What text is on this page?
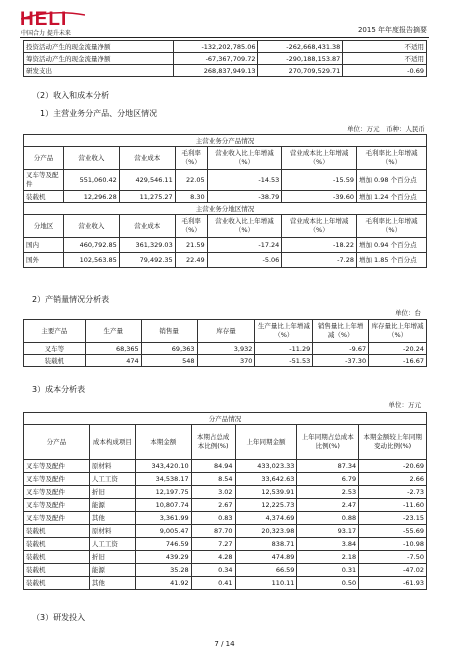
HELI
中国合力 提升未来	2015 年年度报告摘要
投资活动产生的现金流量净额	-132,202,785.06	-262,668,431.38	不适用
筹资活动产生的现金流量净额	-67,367,709.72	-290,188,153.87	不适用
研发支出	268,837,949.13	270,709,529.71	-0.69
（2）收入和成本分析
1）主营业务分产品、分地区情况
单位：万元　币种：人民币
主营业务分产品情况						
分产品	营业收入	营业成本	毛利率（%）	营业收入比上年增减（%）	营业成本比上年增减（%）	毛利率比上年增减（%）
叉车等及配件	551,060.42	429,546.11	22.05	-14.53	-15.59	增加 0.98 个百分点
装载机	12,296.28	11,275.27	8.30	-38.79	-39.60	增加 1.24 个百分点
主营业务分地区情况						
分地区	营业收入	营业成本	毛利率（%）	营业收入比上年增减（%）	营业成本比上年增减（%）	毛利率比上年增减（%）
国内	460,792.85	361,329.03	21.59	-17.24	-18.22	增加 0.94 个百分点
国外	102,563.85	79,492.35	22.49	-5.06	-7.28	增加 1.85 个百分点
2）产销量情况分析表
单位：台
主要产品	生产量	销售量	库存量	生产量比上年增减（%）	销售量比上年增减（%）	库存量比上年增减（%）
叉车等	68,365	69,363	3,932	-11.29	-9.67	-20.24
装载机	474	548	370	-51.53	-37.30	-16.67
3）成本分析表
单位：万元
分产品情况						
分产品	成本构成项目	本期金额	本期占总成本比例(%)	上年同期金额	上年同期占总成本比例(%)	本期金额较上年同期变动比例(%)
叉车等及配件	原材料	343,420.10	84.94	433,023.33	87.34	-20.69
叉车等及配件	人工工资	34,538.17	8.54	33,642.63	6.79	2.66
叉车等及配件	折旧	12,197.75	3.02	12,539.91	2.53	-2.73
叉车等及配件	能源	10,807.74	2.67	12,225.73	2.47	-11.60
叉车等及配件	其他	3,361.99	0.83	4,374.69	0.88	-23.15
装载机	原材料	9,005.47	87.70	20,323.98	93.17	-55.69
装载机	人工工资	746.59	7.27	838.71	3.84	-10.98
装载机	折旧	439.29	4.28	474.89	2.18	-7.50
装载机	能源	35.28	0.34	66.59	0.31	-47.02
装载机	其他	41.92	0.41	110.11	0.50	-61.93
（3）研发投入
7 / 14
